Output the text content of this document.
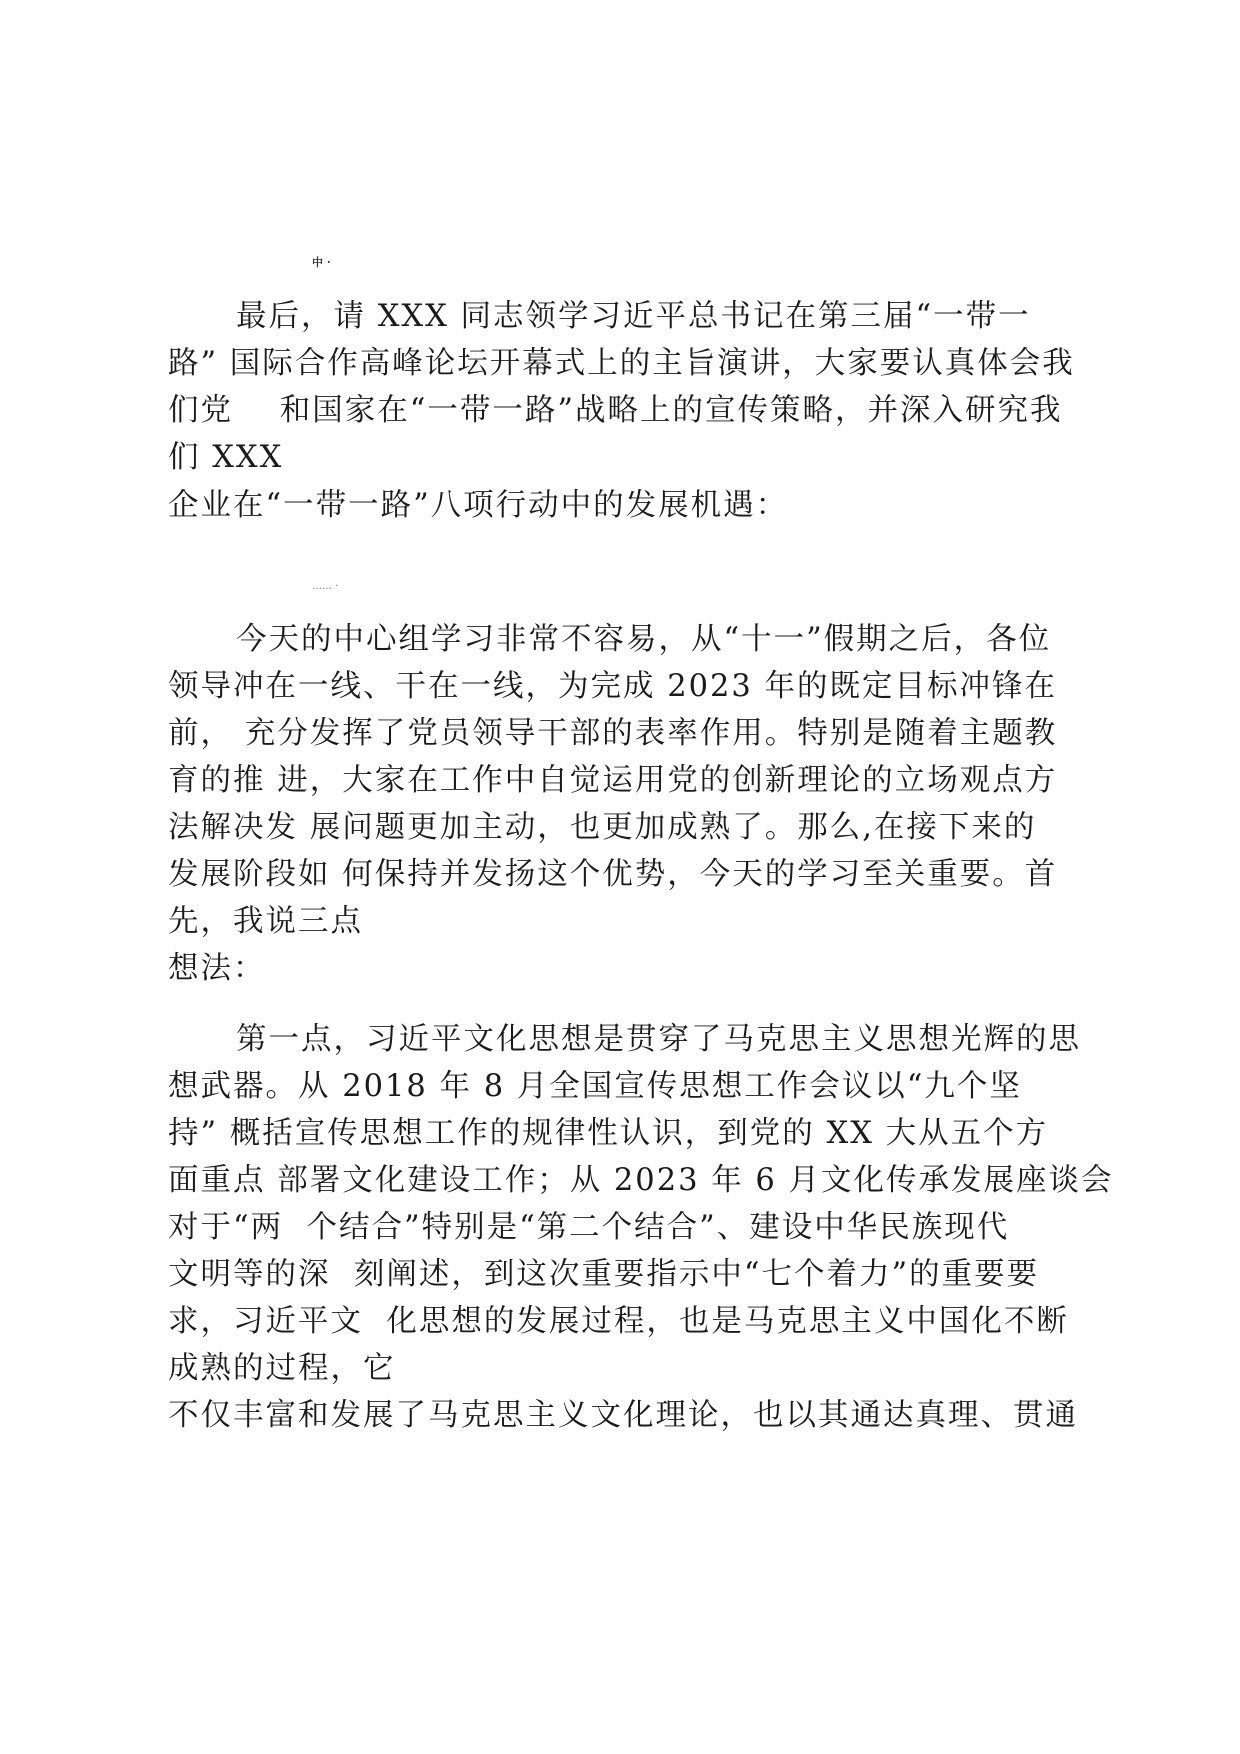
中 ·
最后，请 XXX 同志领学习近平总书记在第三届“一带一
路” 国际合作高峰论坛开幕式上的主旨演讲，大家要认真体会我
们党    和国家在“一带一路”战略上的宣传策略，并深入研究我
们 XXX
企业在“一带一路”八项行动中的发展机遇：
…… ·
今天的中心组学习非常不容易，从“十一”假期之后，各位
领导冲在一线、干在一线，为完成 2023 年的既定目标冲锋在
前， 充分发挥了党员领导干部的表率作用。特别是随着主题教
育的推 进，大家在工作中自觉运用党的创新理论的立场观点方
法解决发 展问题更加主动，也更加成熟了。那么,在接下来的
发展阶段如 何保持并发扬这个优势，今天的学习至关重要。首
先，我说三点
想法：
第一点，习近平文化思想是贯穿了马克思主义思想光辉的思
想武器。从 2018 年 8 月全国宣传思想工作会议以“九个坚
持” 概括宣传思想工作的规律性认识，到党的 XX 大从五个方
面重点 部署文化建设工作；从 2023 年 6 月文化传承发展座谈会
对于“两  个结合”特别是“第二个结合”、建设中华民族现代
文明等的深  刻阐述，到这次重要指示中“七个着力”的重要要
求，习近平文  化思想的发展过程，也是马克思主义中国化不断
成熟的过程，它
不仅丰富和发展了马克思主义文化理论，也以其通达真理、贯通
